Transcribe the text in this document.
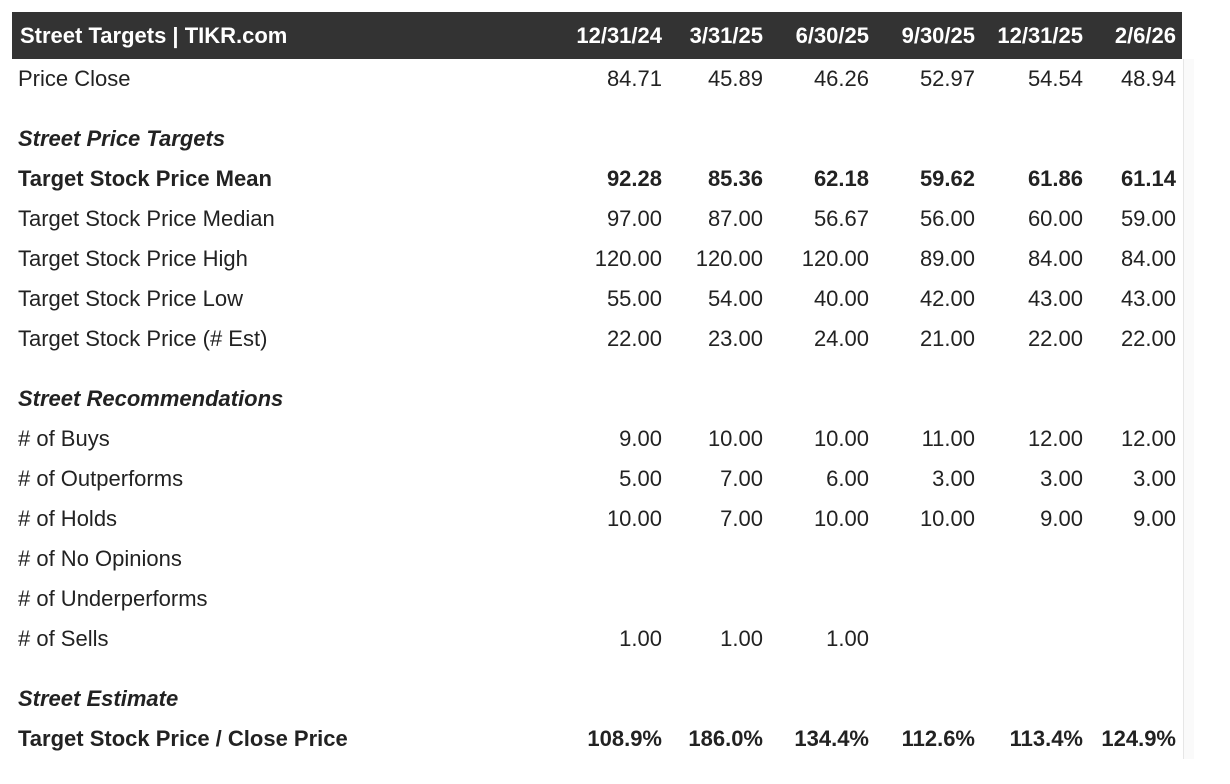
Street Targets | TIKR.com	12/31/24	3/31/25	6/30/25	9/30/25	12/31/25	2/6/26
Price Close	84.71	45.89	46.26	52.97	54.54	48.94
Street Price Targets
Target Stock Price Mean	92.28	85.36	62.18	59.62	61.86	61.14
Target Stock Price Median	97.00	87.00	56.67	56.00	60.00	59.00
Target Stock Price High	120.00	120.00	120.00	89.00	84.00	84.00
Target Stock Price Low	55.00	54.00	40.00	42.00	43.00	43.00
Target Stock Price (# Est)	22.00	23.00	24.00	21.00	22.00	22.00
Street Recommendations
# of Buys	9.00	10.00	10.00	11.00	12.00	12.00
# of Outperforms	5.00	7.00	6.00	3.00	3.00	3.00
# of Holds	10.00	7.00	10.00	10.00	9.00	9.00
# of No Opinions
# of Underperforms
# of Sells	1.00	1.00	1.00
Street Estimate
Target Stock Price / Close Price	108.9%	186.0%	134.4%	112.6%	113.4% 124.9%
